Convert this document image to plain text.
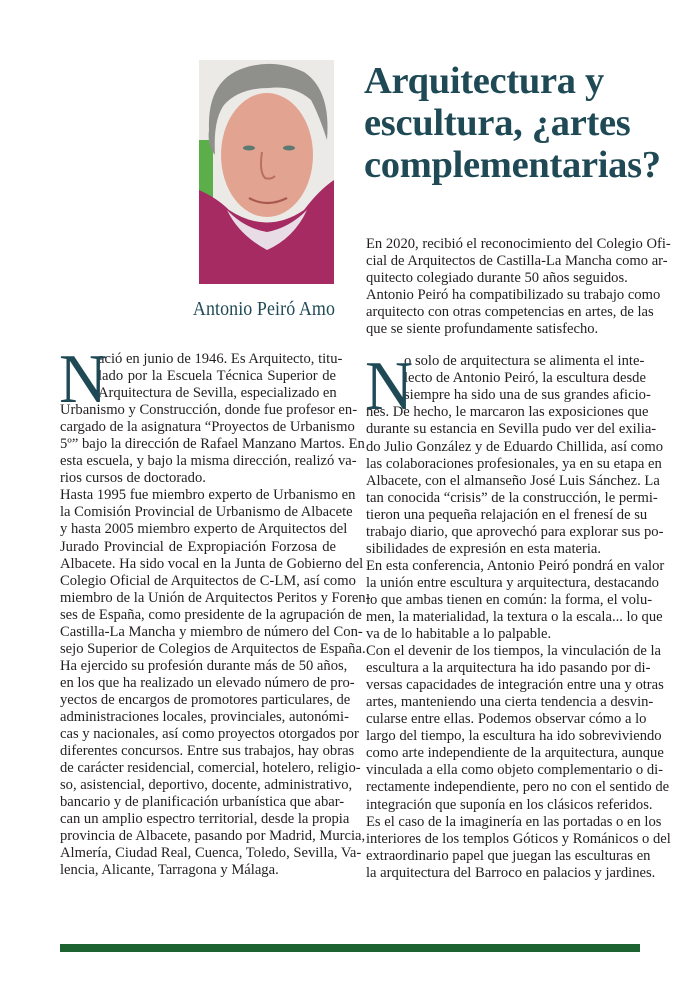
Antonio Peiró Amo
Arquitectura y
escultura, ¿artes
complementarias?
N
ació en junio de 1946. Es Arquitecto, titu-
lado por la Escuela Técnica Superior de
Arquitectura de Sevilla, especializado en
Urbanismo y Construcción, donde fue profesor en-
cargado de la asignatura “Proyectos de Urbanismo
5º” bajo la dirección de Rafael Manzano Martos. En
esta escuela, y bajo la misma dirección, realizó va-
rios cursos de doctorado.
Hasta 1995 fue miembro experto de Urbanismo en
la Comisión Provincial de Urbanismo de Albacete
y hasta 2005 miembro experto de Arquitectos del
Jurado Provincial de Expropiación Forzosa de
Albacete. Ha sido vocal en la Junta de Gobierno del
Colegio Oficial de Arquitectos de C-LM, así como
miembro de la Unión de Arquitectos Peritos y Foren-
ses de España, como presidente de la agrupación de
Castilla-La Mancha y miembro de número del Con-
sejo Superior de Colegios de Arquitectos de España.
Ha ejercido su profesión durante más de 50 años,
en los que ha realizado un elevado número de pro-
yectos de encargos de promotores particulares, de
administraciones locales, provinciales, autonómi-
cas y nacionales, así como proyectos otorgados por
diferentes concursos. Entre sus trabajos, hay obras
de carácter residencial, comercial, hotelero, religio-
so, asistencial, deportivo, docente, administrativo,
bancario y de planificación urbanística que abar-
can un amplio espectro territorial, desde la propia
provincia de Albacete, pasando por Madrid, Murcia,
Almería, Ciudad Real, Cuenca, Toledo, Sevilla, Va-
lencia, Alicante, Tarragona y Málaga.
En 2020, recibió el reconocimiento del Colegio Ofi-
cial de Arquitectos de Castilla-La Mancha como ar-
quitecto colegiado durante 50 años seguidos.
Antonio Peiró ha compatibilizado su trabajo como
arquitecto con otras competencias en artes, de las
que se siente profundamente satisfecho.
N
o solo de arquitectura se alimenta el inte-
lecto de Antonio Peiró, la escultura desde
siempre ha sido una de sus grandes aficio-
nes. De hecho, le marcaron las exposiciones que
durante su estancia en Sevilla pudo ver del exilia-
do Julio González y de Eduardo Chillida, así como
las colaboraciones profesionales, ya en su etapa en
Albacete, con el almanseño José Luis Sánchez. La
tan conocida “crisis” de la construcción, le permi-
tieron una pequeña relajación en el frenesí de su
trabajo diario, que aprovechó para explorar sus po-
sibilidades de expresión en esta materia.
En esta conferencia, Antonio Peiró pondrá en valor
la unión entre escultura y arquitectura, destacando
lo que ambas tienen en común: la forma, el volu-
men, la materialidad, la textura o la escala... lo que
va de lo habitable a lo palpable.
Con el devenir de los tiempos, la vinculación de la
escultura a la arquitectura ha ido pasando por di-
versas capacidades de integración entre una y otras
artes, manteniendo una cierta tendencia a desvin-
cularse entre ellas. Podemos observar cómo a lo
largo del tiempo, la escultura ha ido sobreviviendo
como arte independiente de la arquitectura, aunque
vinculada a ella como objeto complementario o di-
rectamente independiente, pero no con el sentido de
integración que suponía en los clásicos referidos.
Es el caso de la imaginería en las portadas o en los
interiores de los templos Góticos y Románicos o del
extraordinario papel que juegan las esculturas en
la arquitectura del Barroco en palacios y jardines.
